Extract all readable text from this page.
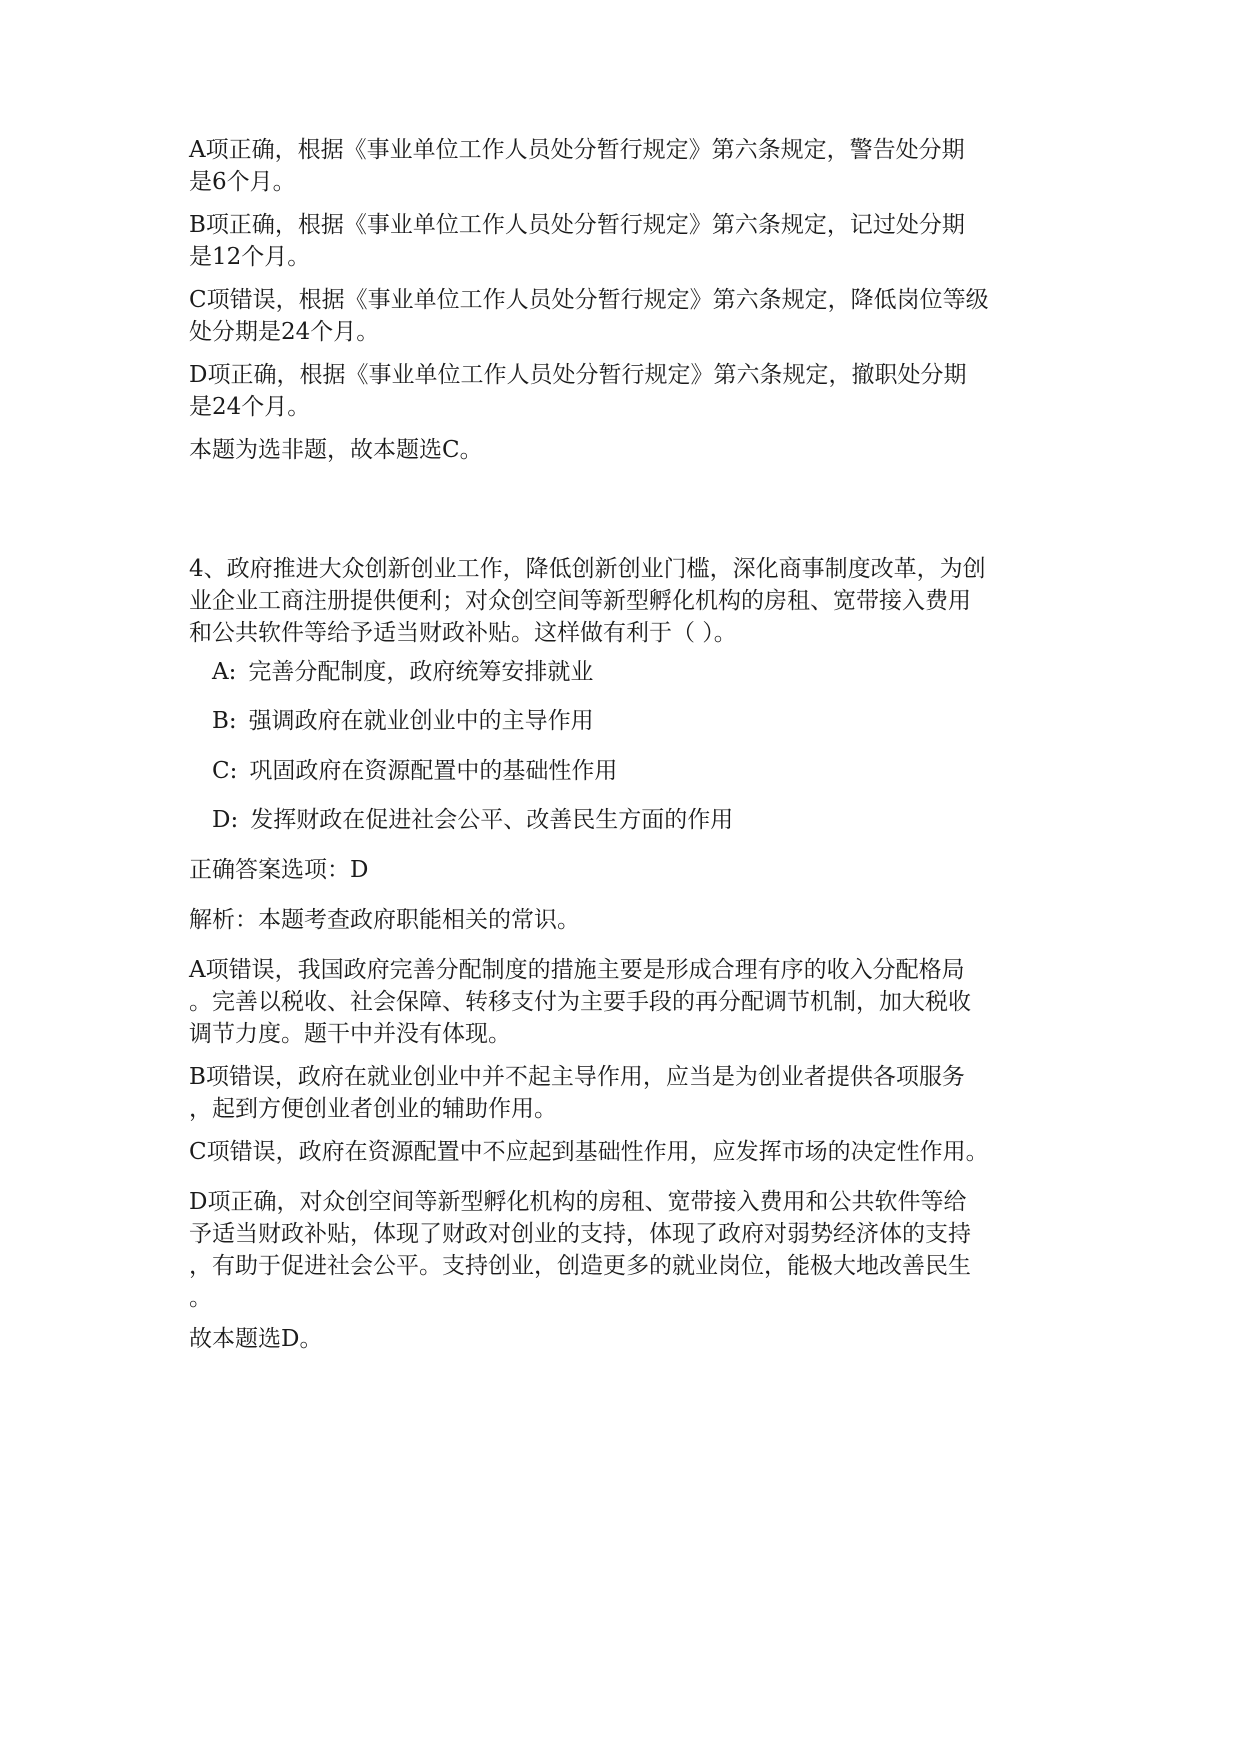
A项正确，根据《事业单位工作人员处分暂行规定》第六条规定，警告处分期
是6个月。

B项正确，根据《事业单位工作人员处分暂行规定》第六条规定，记过处分期
是12个月。

C项错误，根据《事业单位工作人员处分暂行规定》第六条规定，降低岗位等级
处分期是24个月。

D项正确，根据《事业单位工作人员处分暂行规定》第六条规定，撤职处分期
是24个月。

本题为选非题，故本题选C。

4、政府推进大众创新创业工作，降低创新创业门槛，深化商事制度改革，为创
业企业工商注册提供便利；对众创空间等新型孵化机构的房租、宽带接入费用
和公共软件等给予适当财政补贴。这样做有利于（ ）。

A: 完善分配制度，政府统筹安排就业
B: 强调政府在就业创业中的主导作用
C: 巩固政府在资源配置中的基础性作用
D: 发挥财政在促进社会公平、改善民生方面的作用

正确答案选项：D

解析：本题考查政府职能相关的常识。

A项错误，我国政府完善分配制度的措施主要是形成合理有序的收入分配格局
。完善以税收、社会保障、转移支付为主要手段的再分配调节机制，加大税收
调节力度。题干中并没有体现。

B项错误，政府在就业创业中并不起主导作用，应当是为创业者提供各项服务
，起到方便创业者创业的辅助作用。

C项错误，政府在资源配置中不应起到基础性作用，应发挥市场的决定性作用。

D项正确，对众创空间等新型孵化机构的房租、宽带接入费用和公共软件等给
予适当财政补贴，体现了财政对创业的支持，体现了政府对弱势经济体的支持
，有助于促进社会公平。支持创业，创造更多的就业岗位，能极大地改善民生
。

故本题选D。
